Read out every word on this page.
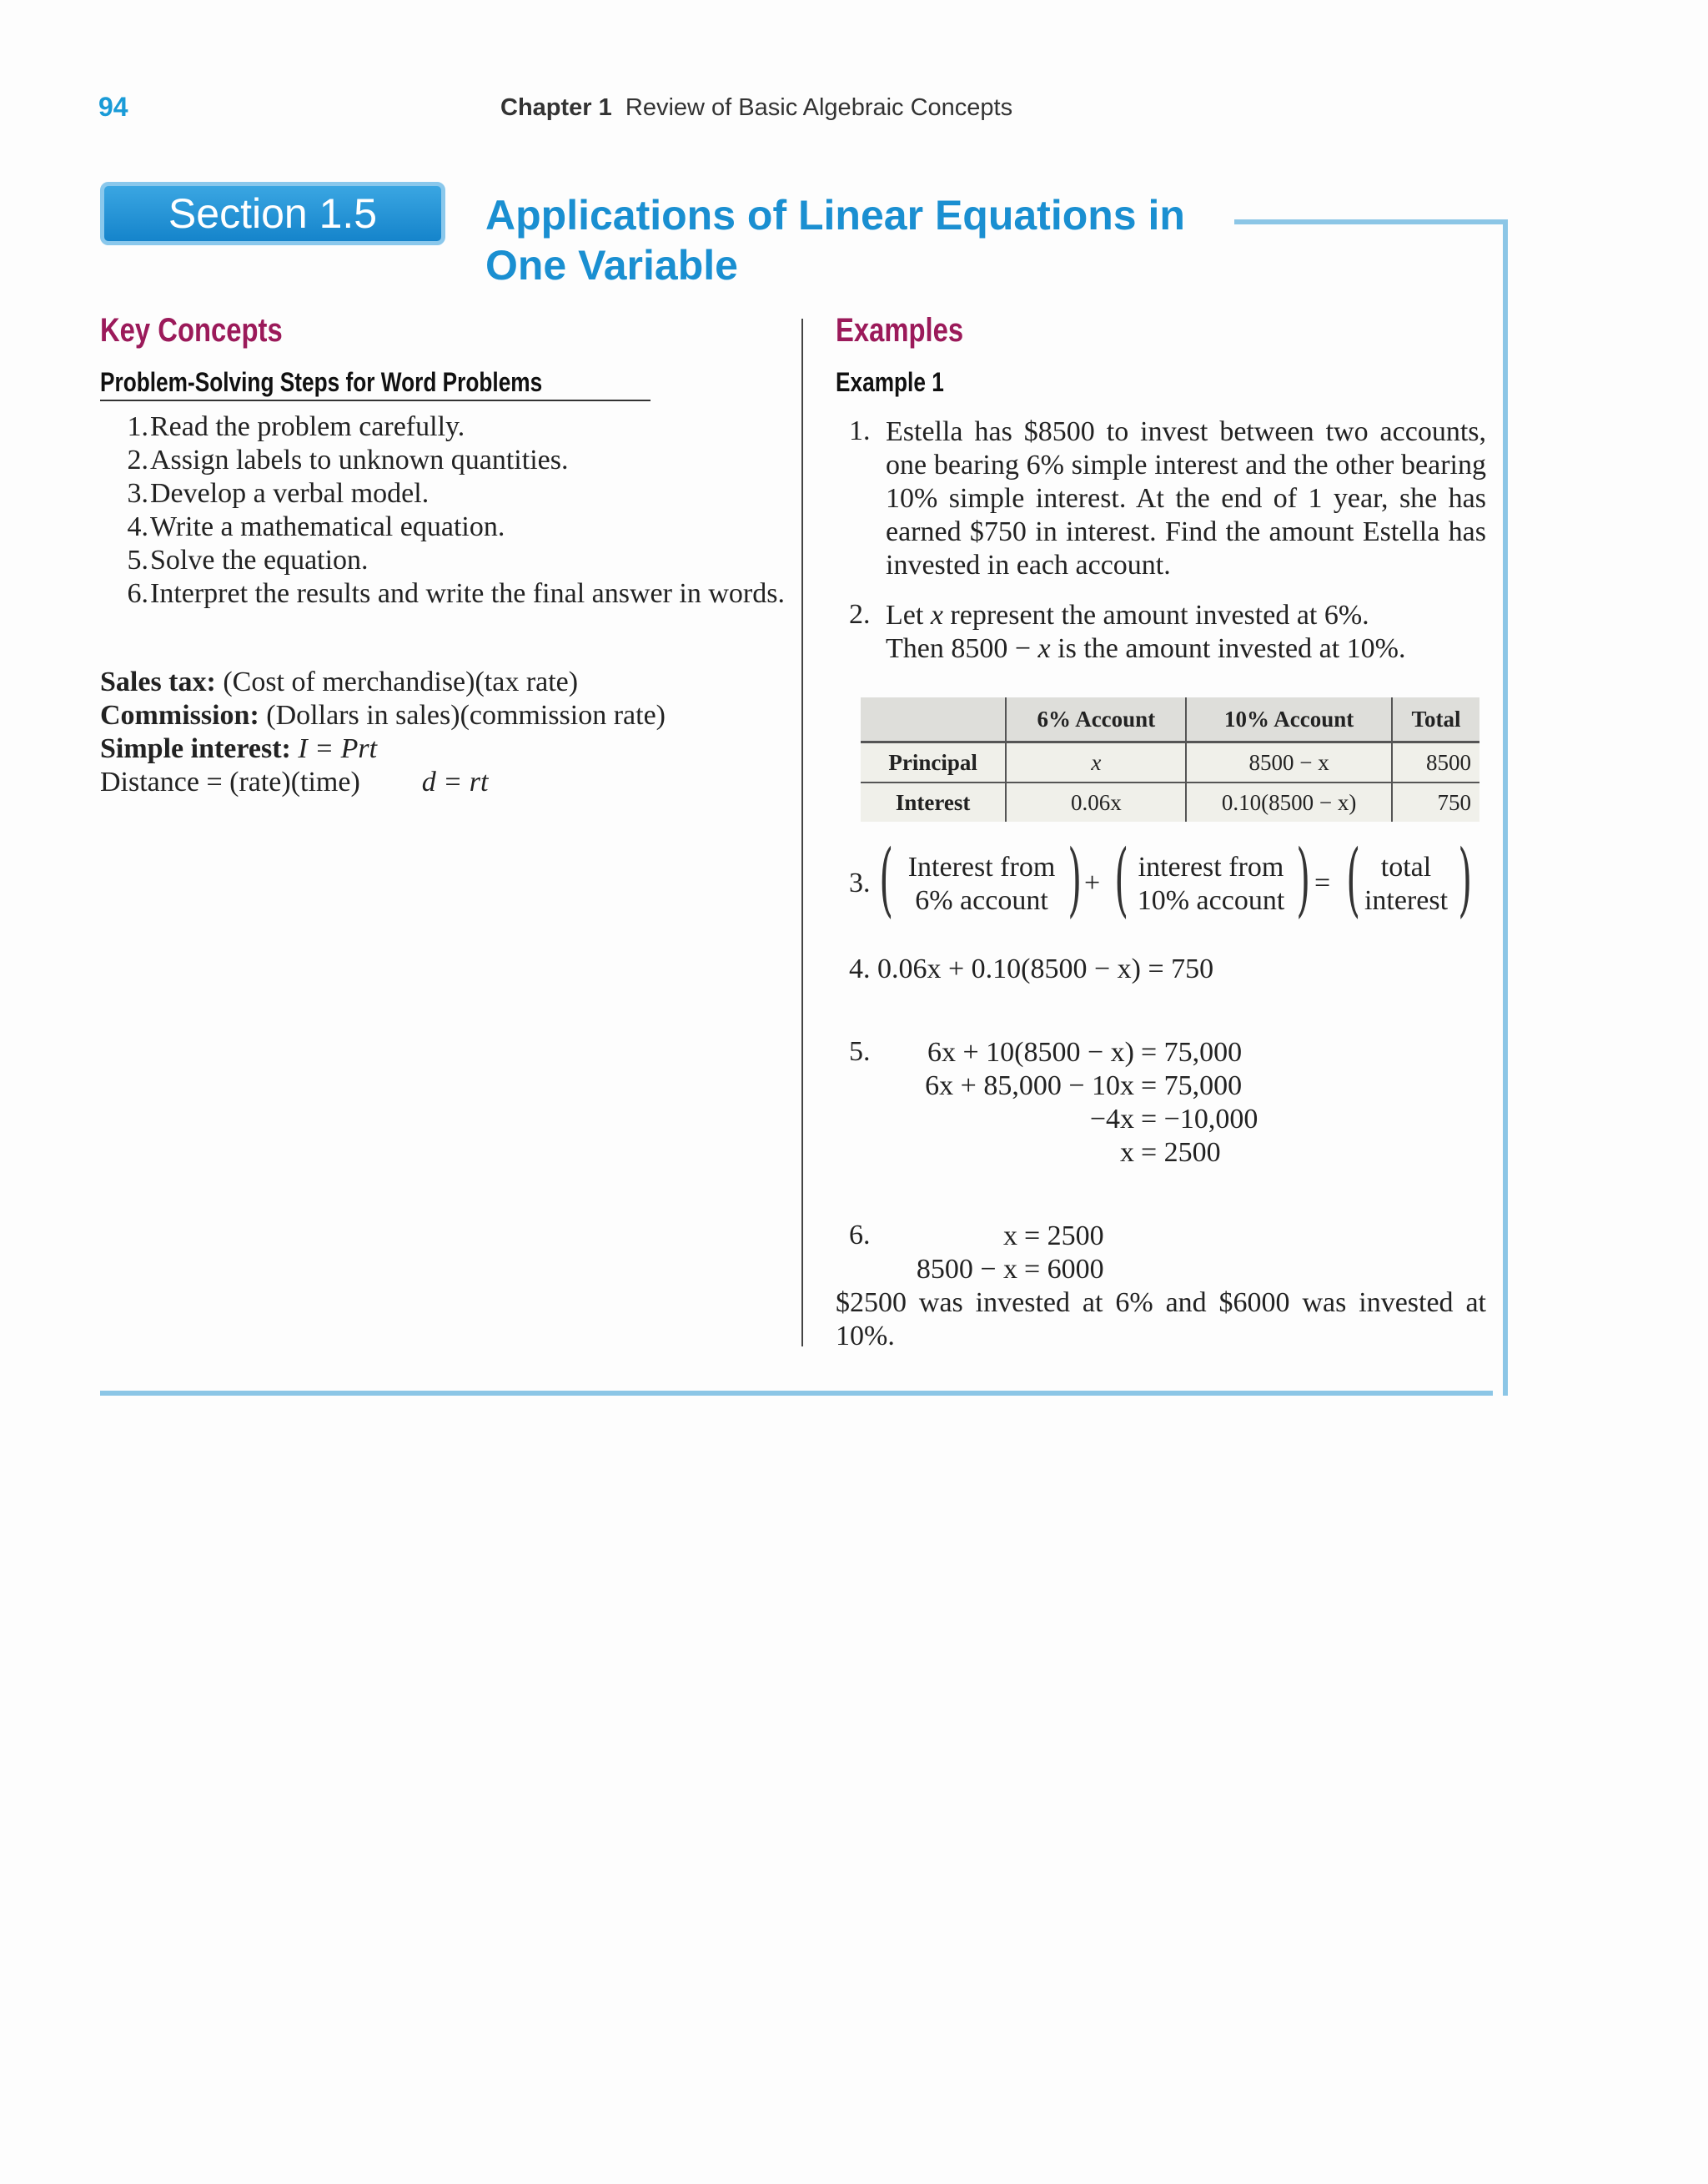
94	Chapter 1 Review of Basic Algebraic Concepts
Section 1.5	Applications of Linear Equations in
One Variable
Key Concepts
Problem-Solving Steps for Word Problems
1. Read the problem carefully.
2. Assign labels to unknown quantities.
3. Develop a verbal model.
4. Write a mathematical equation.
5. Solve the equation.
6. Interpret the results and write the final answer in words.
Sales tax: (Cost of merchandise)(tax rate)
Commission: (Dollars in sales)(commission rate)
Simple interest: I = Prt
Distance = (rate)(time) d = rt
Examples
Example 1
1. Estella has $8500 to invest between two accounts, one bearing 6% simple interest and the other bearing 10% simple interest. At the end of 1 year, she has earned $750 in interest. Find the amount Estella has invested in each account.
2. Let x represent the amount invested at 6%.
Then 8500 − x is the amount invested at 10%.
	6% Account	10% Account	Total
Principal	x	8500 − x	8500
Interest	0.06x	0.10(8500 − x)	750
3. ( Interest from
6% account ) + ( interest from
10% account ) = ( total
interest )
4. 0.06x + 0.10(8500 − x) = 750
5. 6x + 10(8500 − x) = 75,000
6x + 85,000 − 10x = 75,000
−4x = −10,000
x = 2500
6.	x = 2500
8500 − x = 6000
$2500 was invested at 6% and $6000 was invested at 10%.
